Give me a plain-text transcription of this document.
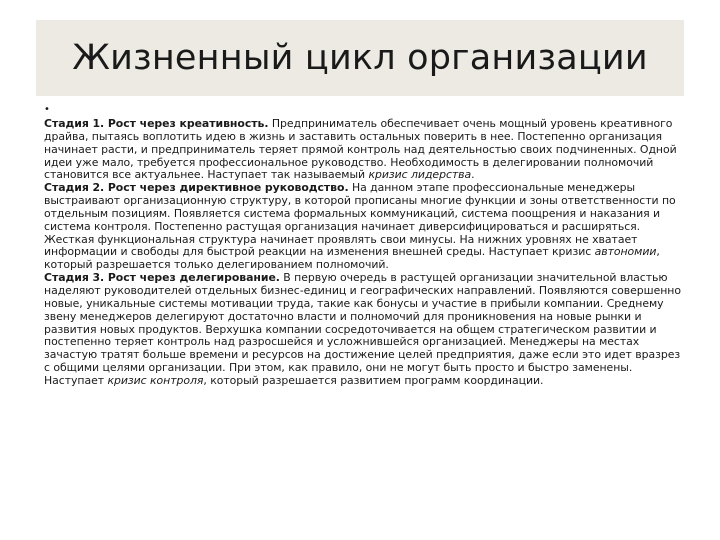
Жизненный цикл организации
•

Стадия 1. Рост через креативность. Предприниматель обеспечивает очень мощный уровень креативного драйва, пытаясь воплотить идею в жизнь и заставить остальных поверить в нее. Постепенно организация начинает расти, и предприниматель теряет прямой контроль над деятельностью своих подчиненных. Одной идеи уже мало, требуется профессиональное руководство. Необходимость в делегировании полномочий становится все актуальнее. Наступает так называемый кризис лидерства.

Стадия 2. Рост через директивное руководство. На данном этапе профессиональные менеджеры выстраивают организационную структуру, в которой прописаны многие функции и зоны ответственности по отдельным позициям. Появляется система формальных коммуникаций, система поощрения и наказания и система контроля. Постепенно растущая организация начинает диверсифицироваться и расширяться. Жесткая функциональная структура начинает проявлять свои минусы. На нижних уровнях не хватает информации и свободы для быстрой реакции на изменения внешней среды. Наступает кризис автономии, который разрешается только делегированием полномочий.

Стадия 3. Рост через делегирование. В первую очередь в растущей организации значительной властью наделяют руководителей отдельных бизнес-единиц и географических направлений. Появляются совершенно новые, уникальные системы мотивации труда, такие как бонусы и участие в прибыли компании. Среднему звену менеджеров делегируют достаточно власти и полномочий для проникновения на новые рынки и развития новых продуктов. Верхушка компании сосредоточивается на общем стратегическом развитии и постепенно теряет контроль над разросшейся и усложнившейся организацией. Менеджеры на местах зачастую тратят больше времени и ресурсов на достижение целей предприятия, даже если это идет вразрез с общими целями организации. При этом, как правило, они не могут быть просто и быстро заменены. Наступает кризис контроля, который разрешается развитием программ координации.
